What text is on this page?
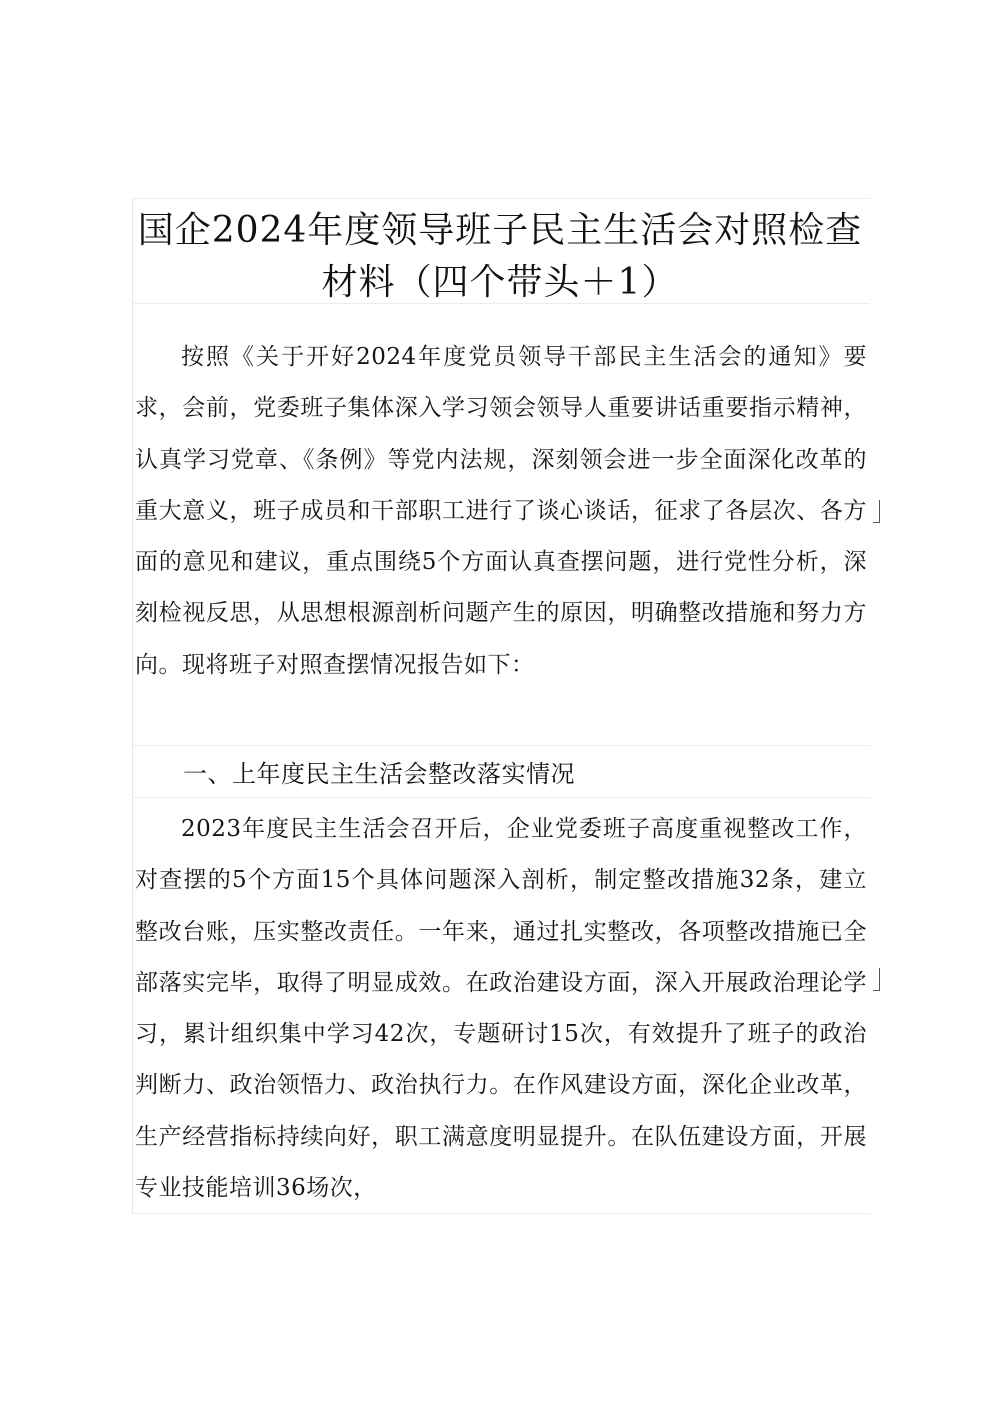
国企2024年度领导班子民主生活会对照检查材料（四个带头＋1）

按照《关于开好2024年度党员领导干部民主生活会的通知》要求，会前，党委班子集体深入学习领会领导人重要讲话重要指示精神，认真学习党章、《条例》等党内法规，深刻领会进一步全面深化改革的重大意义，班子成员和干部职工进行了谈心谈话，征求了各层次、各方面的意见和建议，重点围绕5个方面认真查摆问题，进行党性分析，深刻检视反思，从思想根源剖析问题产生的原因，明确整改措施和努力方向。现将班子对照查摆情况报告如下：

一、上年度民主生活会整改落实情况

2023年度民主生活会召开后，企业党委班子高度重视整改工作，对查摆的5个方面15个具体问题深入剖析，制定整改措施32条，建立整改台账，压实整改责任。一年来，通过扎实整改，各项整改措施已全部落实完毕，取得了明显成效。在政治建设方面，深入开展政治理论学习，累计组织集中学习42次，专题研讨15次，有效提升了班子的政治判断力、政治领悟力、政治执行力。在作风建设方面，深化企业改革，生产经营指标持续向好，职工满意度明显提升。在队伍建设方面，开展专业技能培训36场次，
